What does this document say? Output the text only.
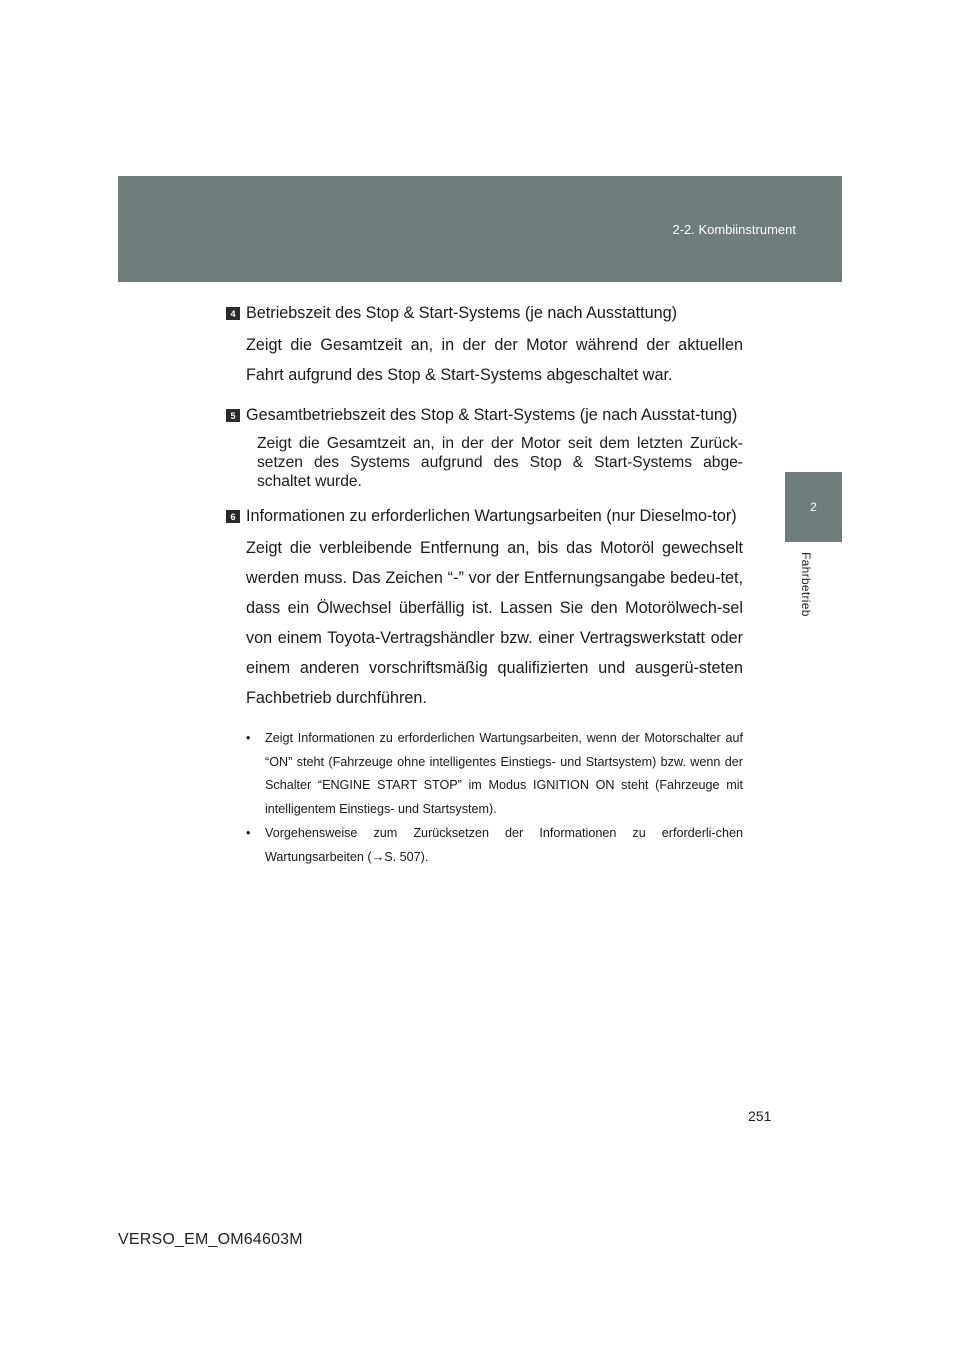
2-2. Kombiinstrument
2
Fahrbetrieb
4 Betriebszeit des Stop & Start-Systems (je nach Ausstattung)
Zeigt die Gesamtzeit an, in der der Motor während der aktuellen Fahrt aufgrund des Stop & Start-Systems abgeschaltet war.
5 Gesamtbetriebszeit des Stop & Start-Systems (je nach Ausstat-tung)
Zeigt die Gesamtzeit an, in der der Motor seit dem letzten Zurück-setzen des Systems aufgrund des Stop & Start-Systems abge-schaltet wurde.
6 Informationen zu erforderlichen Wartungsarbeiten (nur Dieselmo-tor)
Zeigt die verbleibende Entfernung an, bis das Motoröl gewechselt werden muss. Das Zeichen “-” vor der Entfernungsangabe bedeu-tet, dass ein Ölwechsel überfällig ist. Lassen Sie den Motorölwech-sel von einem Toyota-Vertragshändler bzw. einer Vertragswerkstatt oder einem anderen vorschriftsmäßig qualifizierten und ausgerü-steten Fachbetrieb durchführen.
• Zeigt Informationen zu erforderlichen Wartungsarbeiten, wenn der Motorschalter auf “ON” steht (Fahrzeuge ohne intelligentes Einstiegs- und Startsystem) bzw. wenn der Schalter “ENGINE START STOP” im Modus IGNITION ON steht (Fahrzeuge mit intelligentem Einstiegs- und Startsystem).
• Vorgehensweise zum Zurücksetzen der Informationen zu erforderli-chen Wartungsarbeiten (→S. 507).
251
VERSO_EM_OM64603M
